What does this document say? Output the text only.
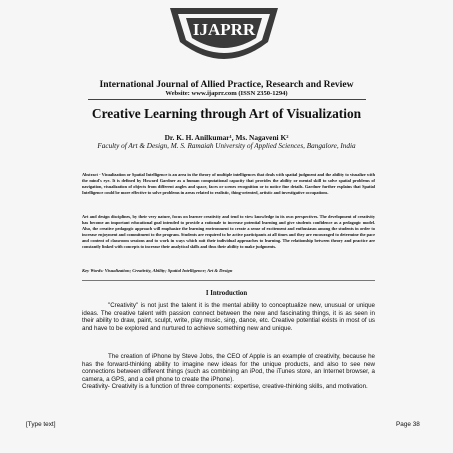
IJAPRR
International Journal of Allied Practice, Research and Review
Website: www.ijaprr.com (ISSN 2350-1294)
Creative Learning through Art of Visualization
Dr. K. H. Anilkumar¹, Ms. Nagaveni K²
Faculty of Art & Design, M. S. Ramaiah University of Applied Sciences, Bangalore, India
Abstract - Visualization or Spatial Intelligence is an area in the theory of multiple intelligences that deals with spatial judgment and the ability to visualize with the mind's eye. It is defined by Howard Gardner as a human computational capacity that provides the ability or mental skill to solve spatial problems of navigation, visualization of objects from different angles and space, faces or scenes recognition or to notice fine details. Gardner further explains that Spatial Intelligence could be more effective to solve problems in areas related to realistic, thing-oriented, artistic and investigative occupations.
Art and design disciplines, by their very nature, focus on learner creativity and tend to view knowledge in its own perspectives. The development of creativity has become an important educational goal intended to provide a rationale to increase potential learning and give students confidence as a pedagogic model. Also, the creative pedagogic approach will emphasize the learning environment to create a sense of excitement and enthusiasm among the students in order to increase enjoyment and commitment to the program. Students are required to be active participants at all times and they are encouraged to determine the pace and content of classroom sessions and to work in ways which suit their individual approaches to learning. The relationship between theory and practice are constantly linked with concepts to increase their analytical skills and thus their ability to make judgments.
Key Words: Visualization; Creativity, Ability; Spatial Intelligence; Art & Design
I Introduction
"Creativity" is not just the talent it is the mental ability to conceptualize new, unusual or unique ideas. The creative talent with passion connect between the new and fascinating things, it is as seen in their ability to draw, paint, sculpt, write, play music, sing, dance, etc. Creative potential exists in most of us and have to be explored and nurtured to achieve something new and unique.
The creation of iPhone by Steve Jobs, the CEO of Apple is an example of creativity, because he has the forward-thinking ability to imagine new ideas for the unique products, and also to see new connections between different things (such as combining an iPod, the iTunes store, an Internet browser, a camera, a GPS, and a cell phone to create the iPhone).
Creativity- Creativity is a function of three components: expertise, creative-thinking skills, and motivation.
[Type text]	Page 38
